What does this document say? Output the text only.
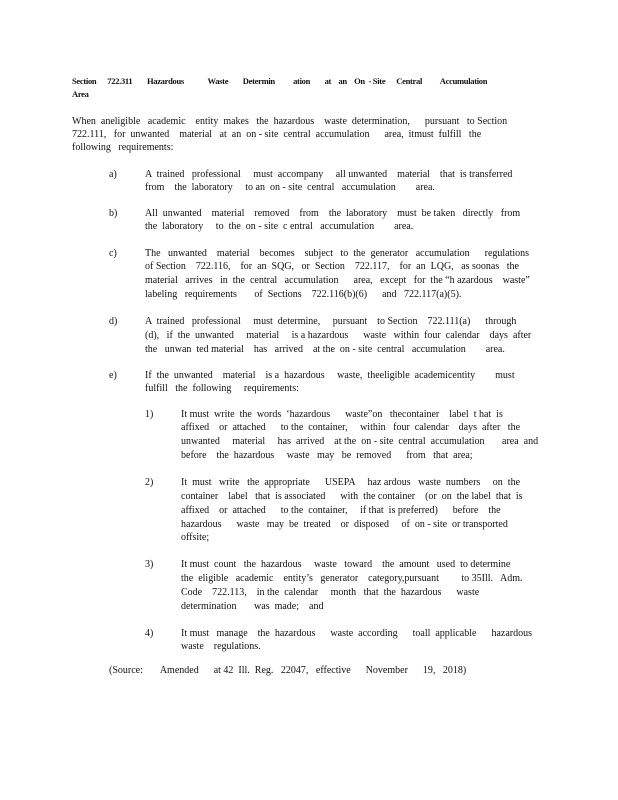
Section      722.311        Hazardous             Waste        Determin          ation        at    an    On  - Site      Central          Accumulation
Area
When  aneligible   academic    entity  makes   the  hazardous    waste  determination,      pursuant   to Section
722.111,   for  unwanted    material   at  an  on - site  central  accumulation      area,  itmust  fulfill   the
following   requirements:
a)	A  trained   professional     must  accompany     all unwanted    material    that  is transferred
from    the  laboratory     to an  on - site  central   accumulation        area.
b)	All  unwanted    material    removed    from    the  laboratory    must  be taken   directly   from
the  laboratory     to  the  on - site  c entral   accumulation        area.
c)	The   unwanted    material    becomes    subject   to  the  generator   accumulation      regulations
of Section    722.116,    for  an  SQG,   or  Section    722.117,    for  an  LQG,   as soonas   the
material   arrives   in  the  central   accumulation      area,   except   for  the “h azardous    waste”
labeling   requirements       of  Sections    722.116(b)(6)      and   722.117(a)(5).
d)	A  trained   professional     must  determine,     pursuant    to Section    722.111(a)      through
(d),   if  the  unwanted     material     is a hazardous      waste   within  four  calendar    days  after
the   unwan  ted material    has   arrived    at the  on - site  central   accumulation        area.
e)	If  the  unwanted    material    is a  hazardous     waste,  theeligible  academicentity        must
fulfill   the  following     requirements:
1)	It must  write  the  words  ‘hazardous      waste”on   thecontainer    label  t hat  is
affixed    or  attached      to the  container,     within   four  calendar    days  after   the
unwanted     material     has  arrived    at the  on - site  central  accumulation       area  and
before    the  hazardous     waste   may   be  removed      from   that  area;
2)	It  must   write   the  appropriate      USEPA     haz ardous   waste  numbers     on  the
container    label   that  is associated      with  the container    (or  on  the label  that  is
affixed    or  attached      to the  container,     if that  is preferred)      before    the
hazardous      waste   may  be  treated    or  disposed     of  on - site  or transported
offsite;
3)	It must  count   the  hazardous     waste   toward    the  amount   used  to determine
the  eligible   academic    entity’s   generator    category,pursuant         to 35Ill.   Adm.
Code    722.113,    in the  calendar     month   that  the  hazardous      waste
determination       was  made;    and
4)	It must   manage    the  hazardous      waste  according      toall  applicable      hazardous
waste    regulations.
(Source:       Amended      at 42  Ill.  Reg.   22047,   effective      November      19,   2018)
